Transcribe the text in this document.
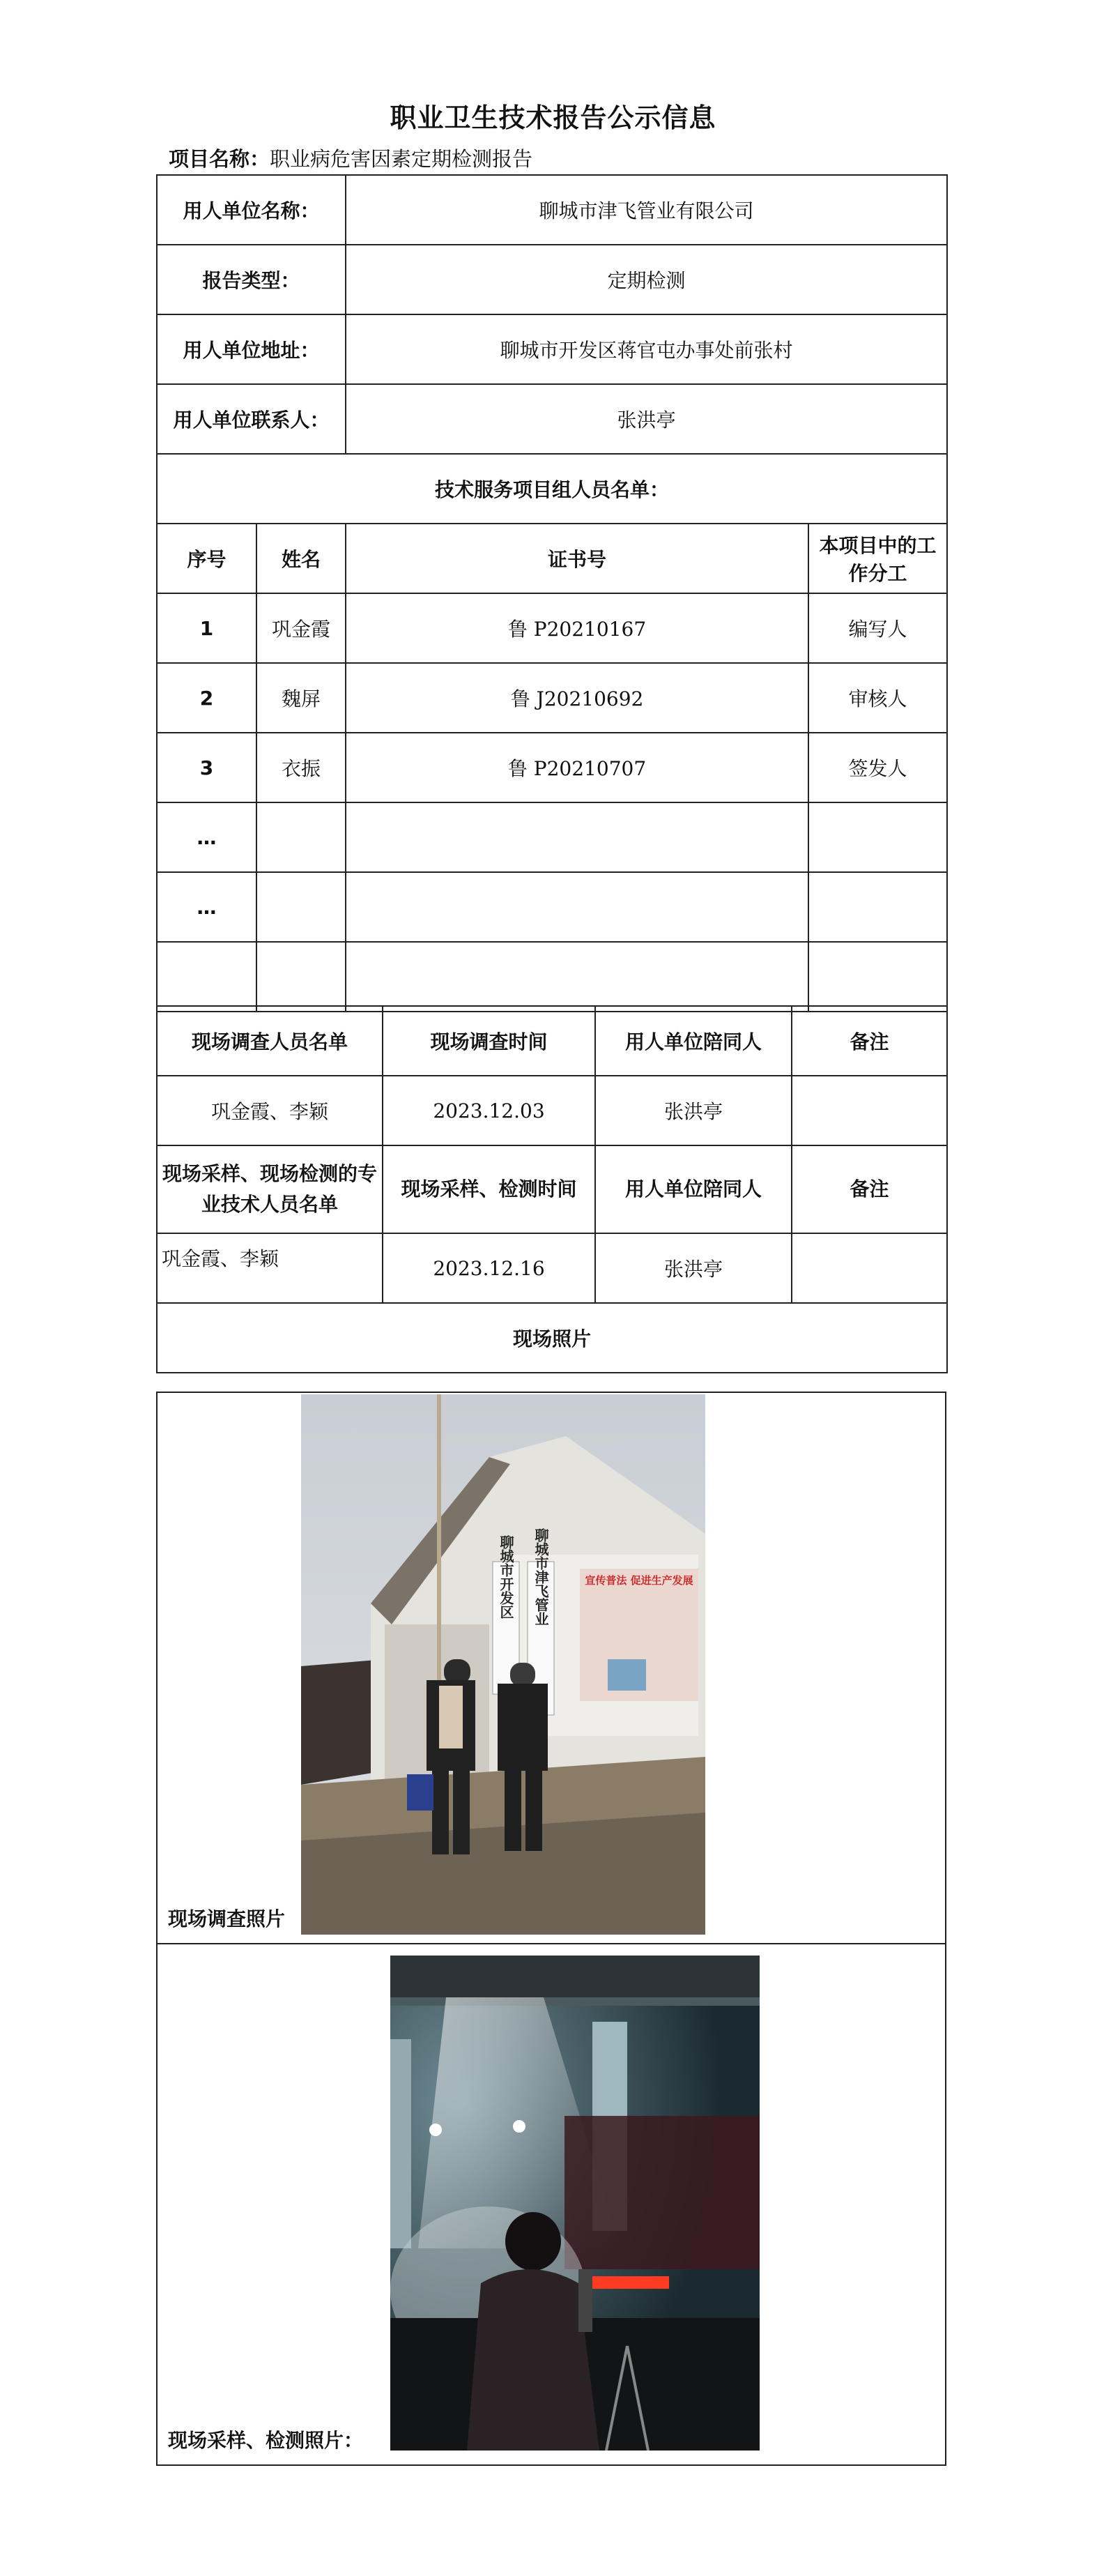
职业卫生技术报告公示信息
项目名称：职业病危害因素定期检测报告
用人单位名称：		聊城市津飞管业有限公司	
报告类型：		定期检测	
用人单位地址：		聊城市开发区蒋官屯办事处前张村	
用人单位联系人：		张洪亭	
技术服务项目组人员名单：			
序号	姓名	证书号	本项目中的工作分工
1	巩金霞	鲁 P20210167	编写人
2	魏屏	鲁 J20210692	审核人
3	衣振	鲁 P20210707	签发人
…			
…			

现场调查人员名单	现场调查时间	用人单位陪同人	备注
巩金霞、李颖	2023.12.03	张洪亭	
现场采样、现场检测的专业技术人员名单	现场采样、检测时间	用人单位陪同人	备注
巩金霞、李颖	2023.12.16	张洪亭	
现场照片			
现场调查照片

现场采样、检测照片：
聊城市开发区 聊城市津飞管业	宣传普法 促进生产发展
